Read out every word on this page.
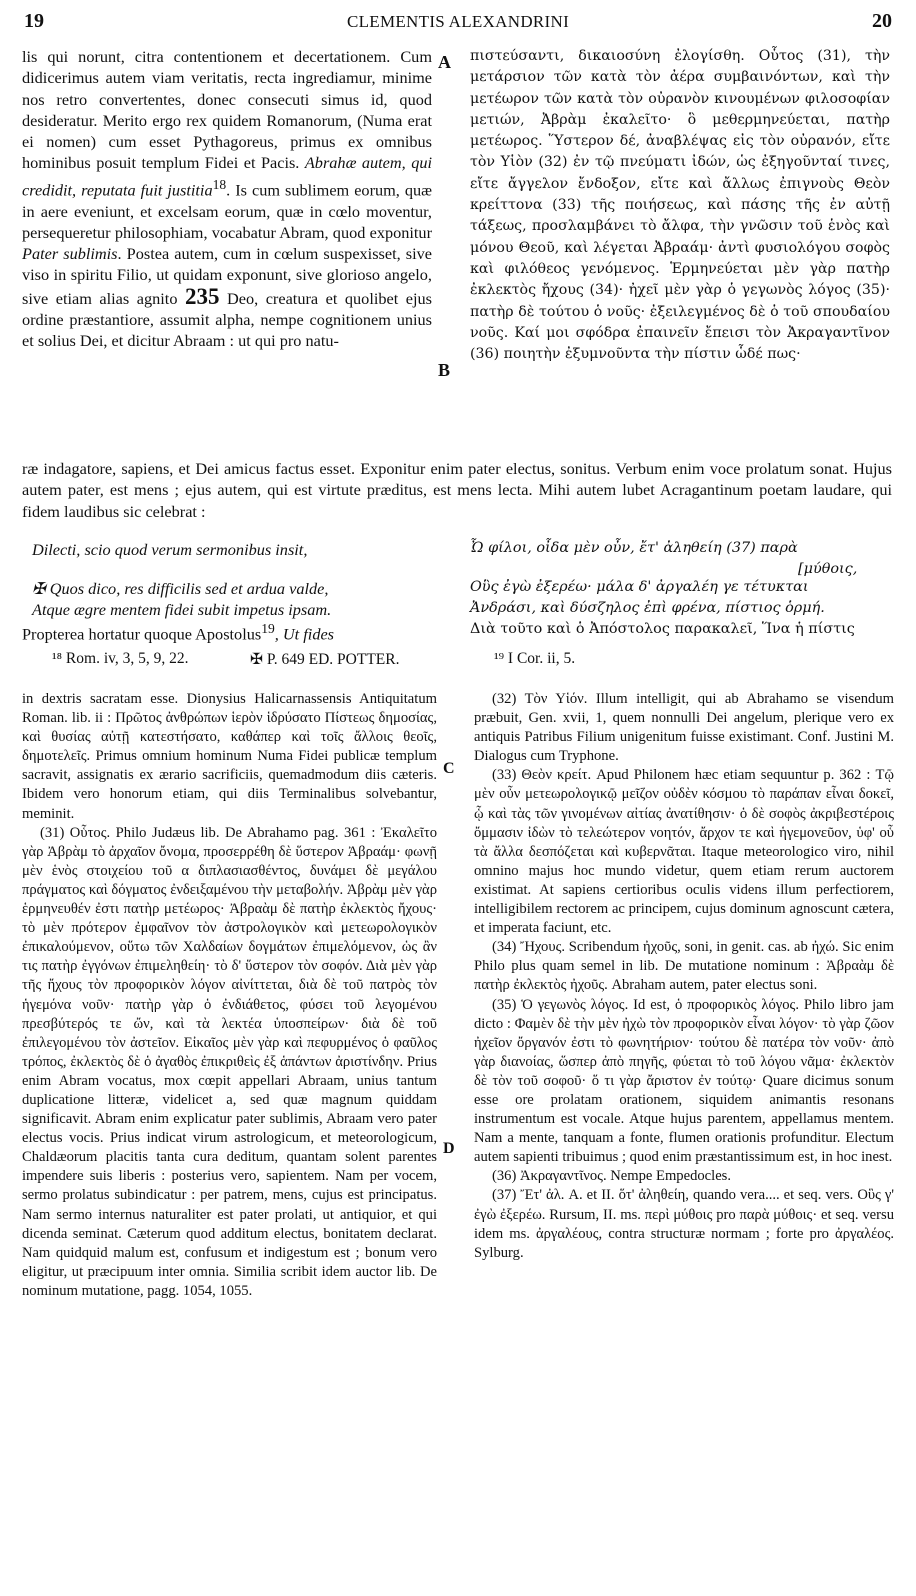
19	CLEMENTIS ALEXANDRINI	20

lis qui norunt, citra contentionem et decertationem. Cum didicerimus autem viam veritatis, recta ingrediamur, minime nos retro convertentes, donec consecuti simus id, quod desideratur. Merito ergo rex quidem Romanorum, (Numa erat ei nomen) cum esset Pythagoreus, primus ex omnibus hominibus posuit templum Fidei et Pacis. Abrahæ autem, qui credidit, reputata fuit justitia$^{18}$. Is cum sublimem eorum, quæ in aere eveniunt, et excelsam eorum, quæ in cœlo moventur, persequeretur philosophiam, vocabatur Abram, quod exponitur Pater sublimis. Postea autem, cum in cœlum suspexisset, sive viso in spiritu Filio, ut quidam exponunt, sive glorioso angelo, sive etiam alias agnito 235 Deo, creatura et quolibet ejus ordine præstantiore, assumit alpha, nempe cognitionem unius et solius Dei, et dicitur Abraam : ut qui pro natu-

A
B

πιστεύσαντι, δικαιοσύνη ἐλογίσθη. Οὗτος (31), τὴν μετάρσιον τῶν κατὰ τὸν ἀέρα συμβαινόντων, καὶ τὴν μετέωρον τῶν κατὰ τὸν οὐρανὸν κινουμένων φιλοσοφίαν μετιών, Ἀβρὰμ ἐκαλεῖτο· ὃ μεθερμηνεύεται, πατὴρ μετέωρος. Ὕστερον δέ, ἀναβλέψας εἰς τὸν οὐρανόν, εἴτε τὸν Υἱὸν (32) ἐν τῷ πνεύματι ἰδών, ὡς ἐξηγοῦνταί τινες, εἴτε ἄγγελον ἔνδοξον, εἴτε καὶ ἄλλως ἐπιγνοὺς Θεὸν κρείττονα (33) τῆς ποιήσεως, καὶ πάσης τῆς ἐν αὐτῇ τάξεως, προσλαμβάνει τὸ ἄλφα, τὴν γνῶσιν τοῦ ἑνὸς καὶ μόνου Θεοῦ, καὶ λέγεται Ἀβραάμ· ἀντὶ φυσιολόγου σοφὸς καὶ φιλόθεος γενόμενος. Ἑρμηνεύεται μὲν γὰρ πατὴρ ἐκλεκτὸς ἤχους (34)· ἠχεῖ μὲν γὰρ ὁ γεγωνὸς λόγος (35)· πατὴρ δὲ τούτου ὁ νοῦς· ἐξειλεγμένος δὲ ὁ τοῦ σπουδαίου νοῦς. Καί μοι σφόδρα ἐπαινεῖν ἔπεισι τὸν Ἀκραγαντῖνον (36) ποιητὴν ἐξυμνοῦντα τὴν πίστιν ὧδέ πως·

ræ indagatore, sapiens, et Dei amicus factus esset. Exponitur enim pater electus, sonitus. Verbum enim voce prolatum sonat. Hujus autem pater, est mens ; ejus autem, qui est virtute præditus, est mens lecta. Mihi autem lubet Acragantinum poetam laudare, qui fidem laudibus sic celebrat :

Dilecti, scio quod verum sermonibus insit,	Ὦ φίλοι, οἶδα μὲν οὖν, ἔτ' ἀληθείη (37) παρὰ
[μύθοις,
✠ Quos dico, res difficilis sed et ardua valde,	Οὓς ἐγὼ ἐξερέω· μάλα δ' ἀργαλέη γε τέτυκται
Atque ægre mentem fidei subit impetus ipsam.	Ἀνδράσι, καὶ δύσζηλος ἐπὶ φρένα, πίστιος ὁρμή.
Propterea hortatur quoque Apostolus$^{19}$, Ut fides	Διὰ τοῦτο καὶ ὁ Ἀπόστολος παρακαλεῖ, Ἵνα ἡ πίστις
¹⁸ Rom. iv, 3, 5, 9, 22.	✠ P. 649 ED. POTTER.	¹⁹ I Cor. ii, 5.

in dextris sacratam esse. Dionysius Halicarnassensis Antiquitatum Roman. lib. ii : Πρῶτος ἀνθρώπων ἱερὸν ἱδρύσατο Πίστεως δημοσίας, καὶ θυσίας αὐτῇ κατεστήσατο, καθάπερ καὶ τοῖς ἄλλοις θεοῖς, δημοτελεῖς. Primus omnium hominum Numa Fidei publicæ templum sacravit, assignatis ex ærario sacrificiis, quemadmodum diis cæteris. Ibidem vero honorum etiam, qui diis Terminalibus solvebantur, meminit.

(31) Οὗτος. Philo Judæus lib. De Abrahamo pag. 361 : Ἐκαλεῖτο γὰρ Ἀβρὰμ τὸ ἀρχαῖον ὄνομα, προσερρέθη δὲ ὕστερον Ἀβραάμ· φωνῇ μὲν ἑνὸς στοιχείου τοῦ α διπλασιασθέντος, δυνάμει δὲ μεγάλου πράγματος καὶ δόγματος ἐνδειξαμένου τὴν μεταβολήν. Ἀβρὰμ μὲν γὰρ ἑρμηνευθέν ἐστι πατὴρ μετέωρος· Ἀβραὰμ δὲ πατὴρ ἐκλεκτὸς ἤχους· τὸ μὲν πρότερον ἐμφαῖνον τὸν ἀστρολογικὸν καὶ μετεωρολογικὸν ἐπικαλούμενον, οὕτω τῶν Χαλδαίων δογμάτων ἐπιμελόμενον, ὡς ἂν τις πατὴρ ἐγγόνων ἐπιμεληθείη· τὸ δ' ὕστερον τὸν σοφόν. Διὰ μὲν γὰρ τῆς ἤχους τὸν προφορικὸν λόγον αἰνίττεται, διὰ δὲ τοῦ πατρὸς τὸν ἡγεμόνα νοῦν· πατὴρ γὰρ ὁ ἐνδιάθετος, φύσει τοῦ λεγομένου πρεσβύτερός τε ὤν, καὶ τὰ λεκτέα ὑποσπείρων· διὰ δὲ τοῦ ἐπιλεγομένου τὸν ἀστεῖον. Εἰκαῖος μὲν γὰρ καὶ πεφυρμένος ὁ φαῦλος τρόπος, ἐκλεκτὸς δὲ ὁ ἀγαθὸς ἐπικριθεὶς ἐξ ἁπάντων ἀριστίνδην. Prius enim Abram vocatus, mox cœpit appellari Abraam, unius tantum duplicatione litteræ, videlicet a, sed quæ magnum quiddam significavit. Abram enim explicatur pater sublimis, Abraam vero pater electus vocis. Prius indicat virum astrologicum, et meteorologicum, Chaldæorum placitis tanta cura deditum, quantam solent parentes impendere suis liberis : posterius vero, sapientem. Nam per vocem, sermo prolatus subindicatur : per patrem, mens, cujus est principatus. Nam sermo internus naturaliter est pater prolati, ut antiquior, et qui dicenda seminat. Cæterum quod additum electus, bonitatem declarat. Nam quidquid malum est, confusum et indigestum est ; bonum vero eligitur, ut præcipuum inter omnia. Similia scribit idem auctor lib. De nominum mutatione, pagg. 1054, 1055.

C
D

(32) Τὸν Υἱόν. Illum intelligit, qui ab Abrahamo se visendum præbuit, Gen. xvii, 1, quem nonnulli Dei angelum, plerique vero ex antiquis Patribus Filium unigenitum fuisse existimant. Conf. Justini M. Dialogus cum Tryphone.

(33) Θεὸν κρείτ. Apud Philonem hæc etiam sequuntur p. 362 : Τῷ μὲν οὖν μετεωρολογικῷ μεῖζον οὐδὲν κόσμου τὸ παράπαν εἶναι δοκεῖ, ᾧ καὶ τὰς τῶν γινομένων αἰτίας ἀνατίθησιν· ὁ δὲ σοφὸς ἀκριβεστέροις ὄμμασιν ἰδὼν τὸ τελεώτερον νοητόν, ἄρχον τε καὶ ἡγεμονεῦον, ὑφ' οὗ τὰ ἄλλα δεσπόζεται καὶ κυβερνᾶται. Itaque meteorologico viro, nihil omnino majus hoc mundo videtur, quem etiam rerum auctorem existimat. At sapiens certioribus oculis videns illum perfectiorem, intelligibilem rectorem ac principem, cujus dominum agnoscunt cætera, et imperata faciunt, etc.

(34) Ἤχους. Scribendum ἠχοῦς, soni, in genit. cas. ab ἠχώ. Sic enim Philo plus quam semel in lib. De mutatione nominum : Ἀβραὰμ δὲ πατὴρ ἐκλεκτὸς ἠχοῦς. Abraham autem, pater electus soni.

(35) Ὁ γεγωνὸς λόγος. Id est, ὁ προφορικὸς λόγος. Philo libro jam dicto : Φαμὲν δὲ τὴν μὲν ἠχὼ τὸν προφορικὸν εἶναι λόγον· τὸ γὰρ ζῶον ἠχεῖον ὄργανόν ἐστι τὸ φωνητήριον· τούτου δὲ πατέρα τὸν νοῦν· ἀπὸ γὰρ διανοίας, ὥσπερ ἀπὸ πηγῆς, φύεται τὸ τοῦ λόγου νᾶμα· ἐκλεκτὸν δὲ τὸν τοῦ σοφοῦ· ὅ τι γὰρ ἄριστον ἐν τούτῳ· Quare dicimus sonum esse ore prolatam orationem, siquidem animantis resonans instrumentum est vocale. Atque hujus parentem, appellamus mentem. Nam a mente, tanquam a fonte, flumen orationis profunditur. Electum autem sapienti tribuimus ; quod enim præstantissimum est, in hoc inest.

(36) Ἀκραγαντῖνος. Nempe Empedocles.

(37) Ἔτ' ἀλ. A. et II. ὅτ' ἀληθείη, quando vera.... et seq. vers. Οὓς γ' ἐγὼ ἐξερέω. Rursum, II. ms. περὶ μύθοις pro παρὰ μύθοις· et seq. versu idem ms. ἀργαλέους, contra structuræ normam ; forte pro ἀργαλέος. Sylburg.
